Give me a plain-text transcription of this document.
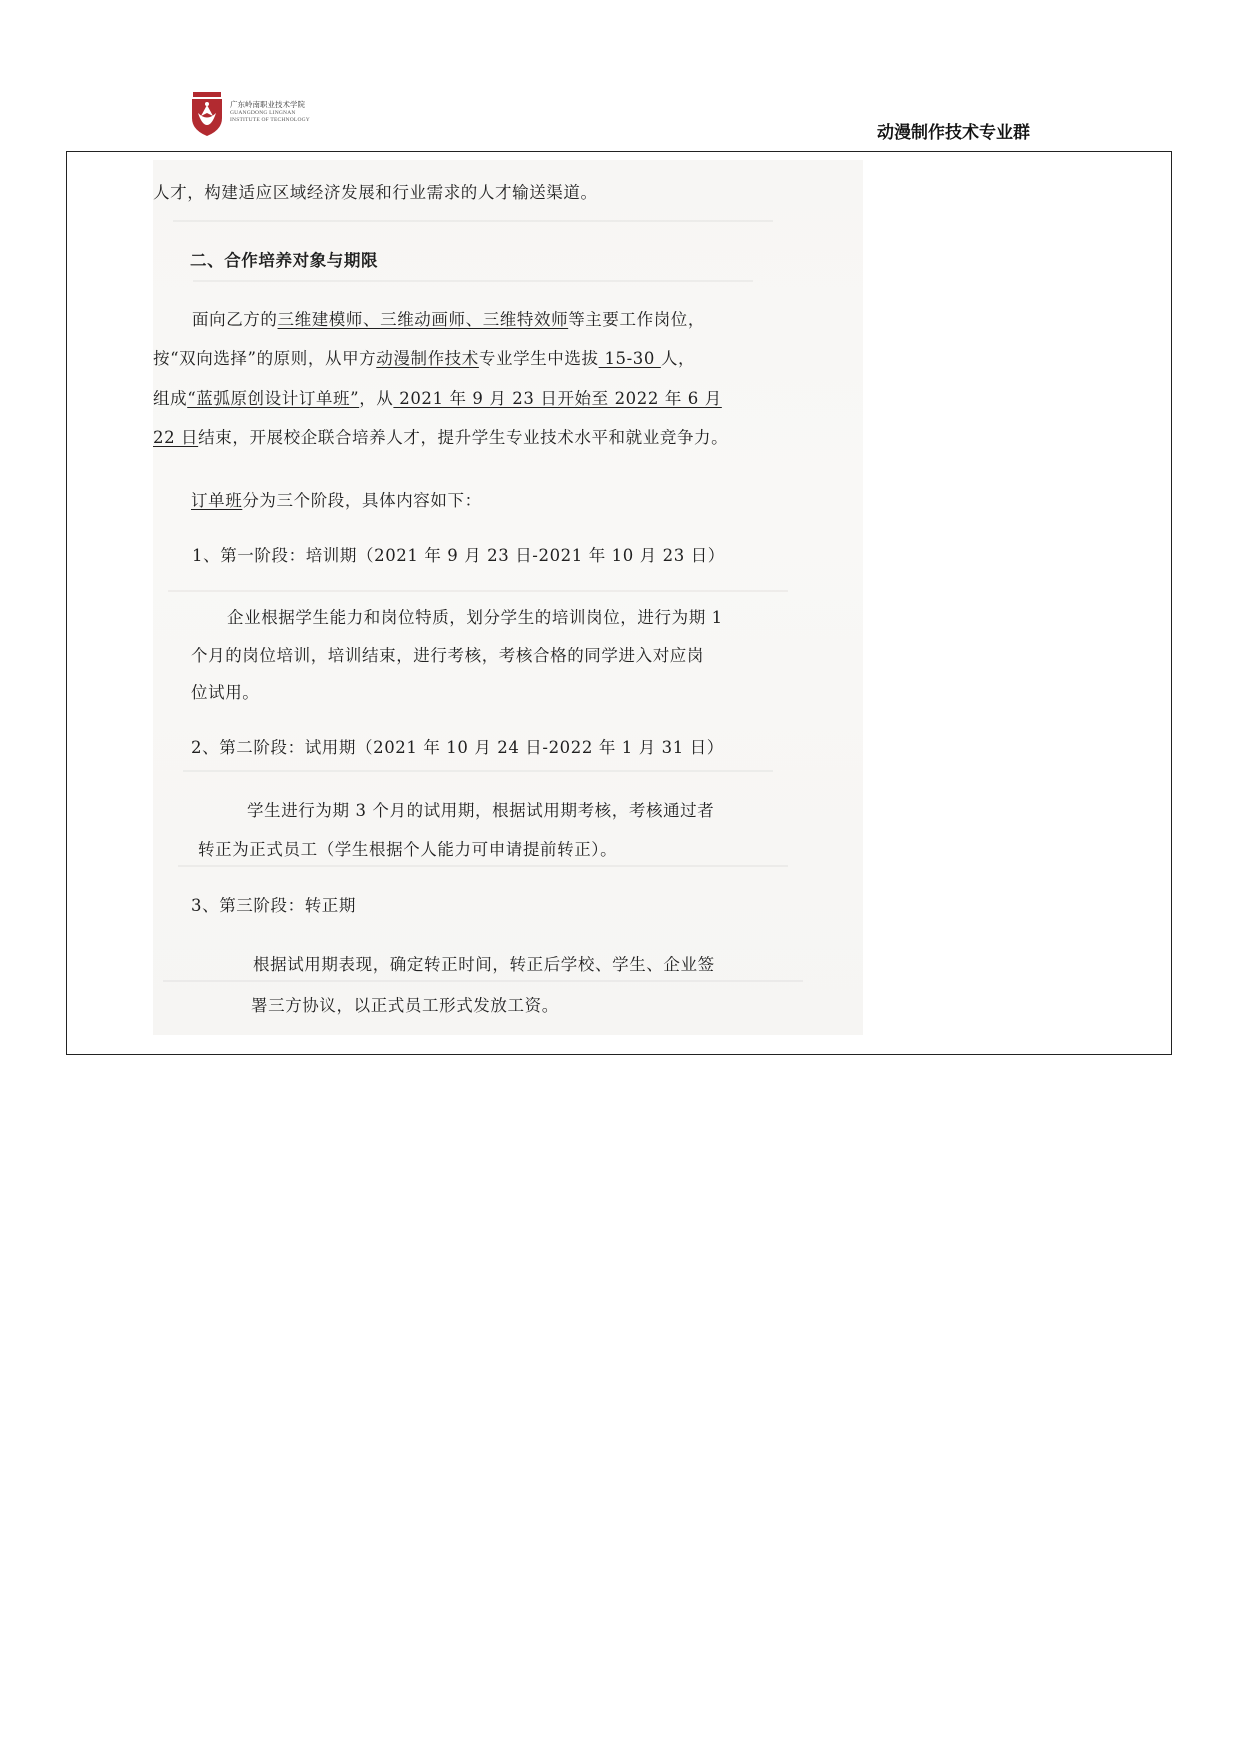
广东岭南职业技术学院
GUANGDONG LINGNAN
INSTITUTE OF TECHNOLOGY
动漫制作技术专业群
人才，构建适应区域经济发展和行业需求的人才输送渠道。
二、合作培养对象与期限
面向乙方的三维建模师、三维动画师、三维特效师等主要工作岗位，
按“双向选择”的原则，从甲方动漫制作技术专业学生中选拔 15-30 人，
组成“蓝弧原创设计订单班”，从 2021 年 9 月 23 日开始至 2022 年 6 月
22 日结束，开展校企联合培养人才，提升学生专业技术水平和就业竞争力。
订单班分为三个阶段，具体内容如下：
1、第一阶段：培训期（2021 年 9 月 23 日-2021 年 10 月 23 日）
企业根据学生能力和岗位特质，划分学生的培训岗位，进行为期 1
个月的岗位培训，培训结束，进行考核，考核合格的同学进入对应岗
位试用。
2、第二阶段：试用期（2021 年 10 月 24 日-2022 年 1 月 31 日）
学生进行为期 3 个月的试用期，根据试用期考核，考核通过者
转正为正式员工（学生根据个人能力可申请提前转正）。
3、第三阶段：转正期
根据试用期表现，确定转正时间，转正后学校、学生、企业签
署三方协议，以正式员工形式发放工资。
